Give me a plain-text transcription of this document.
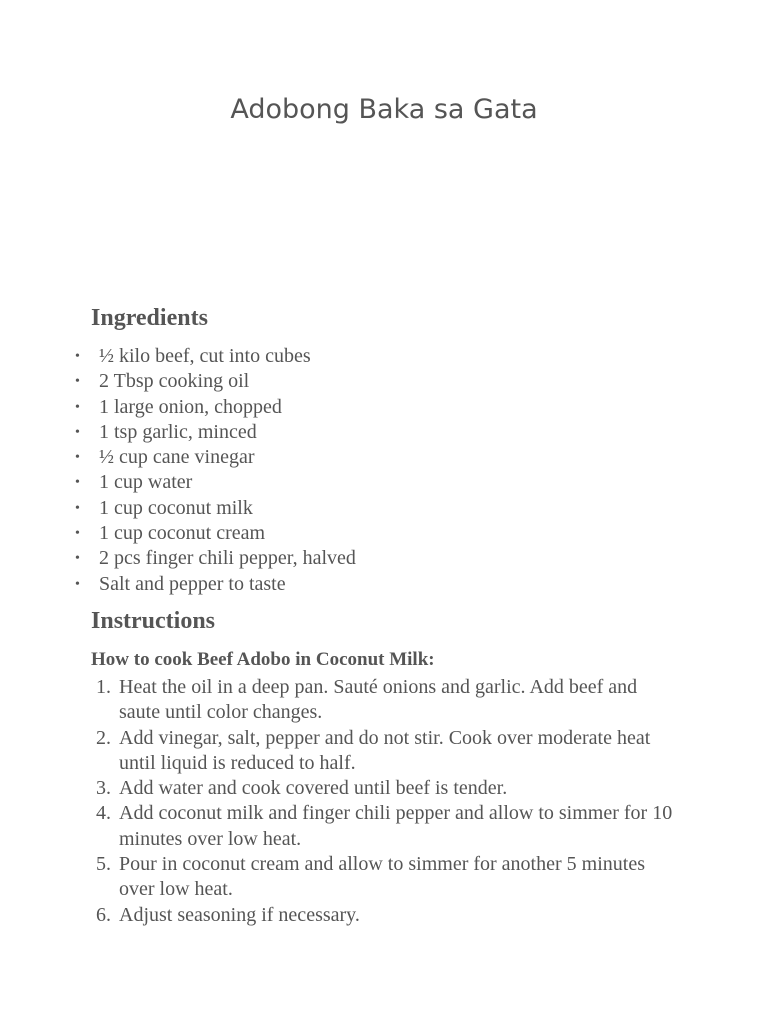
Adobong Baka sa Gata
Ingredients
• ½ kilo beef, cut into cubes
• 2 Tbsp cooking oil
• 1 large onion, chopped
• 1 tsp garlic, minced
• ½ cup cane vinegar
• 1 cup water
• 1 cup coconut milk
• 1 cup coconut cream
• 2 pcs finger chili pepper, halved
• Salt and pepper to taste
Instructions

How to cook Beef Adobo in Coconut Milk:

1. Heat the oil in a deep pan. Sauté onions and garlic. Add beef and saute until color changes.
2. Add vinegar, salt, pepper and do not stir. Cook over moderate heat until liquid is reduced to half.
3. Add water and cook covered until beef is tender.
4. Add coconut milk and finger chili pepper and allow to simmer for 10 minutes over low heat.
5. Pour in coconut cream and allow to simmer for another 5 minutes over low heat.
6. Adjust seasoning if necessary.
